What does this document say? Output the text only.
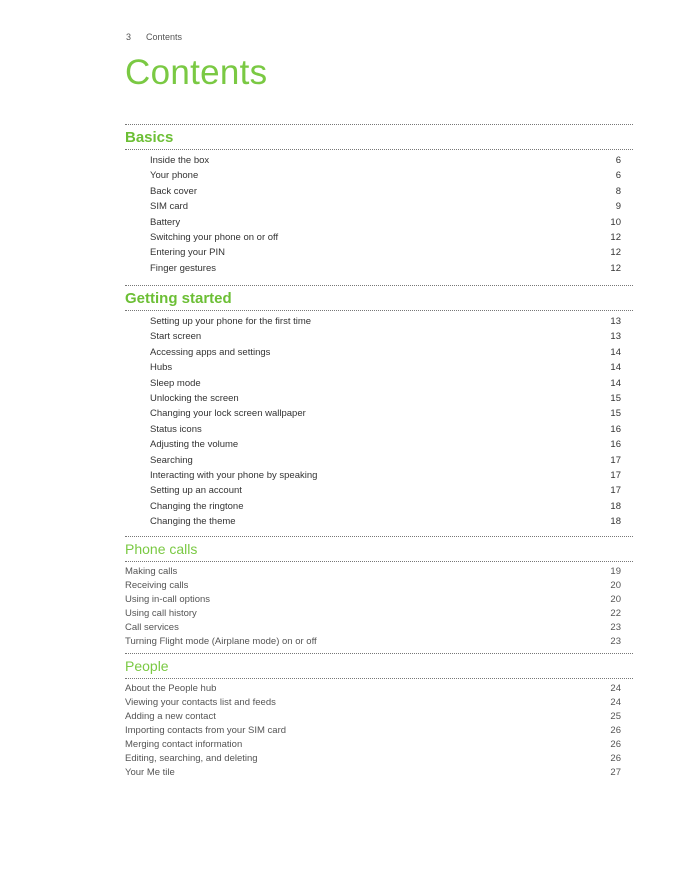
3 Contents
Contents
Basics
Inside the box	6
Your phone	6
Back cover	8
SIM card	9
Battery	10
Switching your phone on or off	12
Entering your PIN	12
Finger gestures	12
Getting started
Setting up your phone for the first time	13
Start screen	13
Accessing apps and settings	14
Hubs	14
Sleep mode	14
Unlocking the screen	15
Changing your lock screen wallpaper	15
Status icons	16
Adjusting the volume	16
Searching	17
Interacting with your phone by speaking	17
Setting up an account	17
Changing the ringtone	18
Changing the theme	18
Phone calls
Making calls	19
Receiving calls	20
Using in-call options	20
Using call history	22
Call services	23
Turning Flight mode (Airplane mode) on or off	23
People
About the People hub	24
Viewing your contacts list and feeds	24
Adding a new contact	25
Importing contacts from your SIM card	26
Merging contact information	26
Editing, searching, and deleting	26
Your Me tile	27
